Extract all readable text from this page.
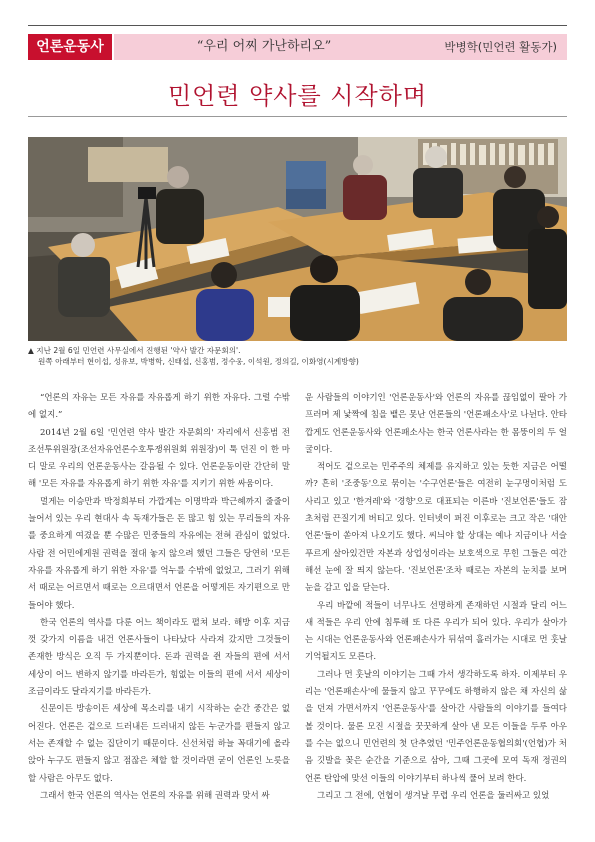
언론운동사	“우리 어찌 가난하리오”	박병학(민언련 활동가)
민언련 약사를 시작하며
▲ 지난 2월 6일 민언련 사무실에서 진행된 '약사 발간 자문회의'.
원쪽 아래부터 현이섭, 성유보, 박병학, 신태섭, 신홍범, 정수웅, 이석원, 정의길, 이화영(시계방향)

“언론의 자유는 모든 자유를 자유롭게 하기 위한 자유다. 그럴 수밖에 없지.”

2014년 2월 6일 '민언련 약사 발간 자문회의' 자리에서 신홍범 전 조선투위원장(조선자유언론수호투쟁위원회 위원장)이 툭 던진 이 한 마디 말로 우리의 언론운동사는 갈음될 수 있다. 언론운동이란 간단히 말해 '모든 자유를 자유롭게 하기 위한 자유'를 지키기 위한 싸움이다.

멀게는 이승만과 박정희부터 가깝게는 이명박과 박근혜까지 줄줄이 늘어서 있는 우리 현대사 속 독재가들은 돈 많고 힘 있는 무리들의 자유를 중요하게 여겼을 뿐 수많은 민중들의 자유에는 전혀 관심이 없었다. 사람 전 어민에게원 권력을 절대 놓지 않으려 했던 그들은 당연히 '모든 자유를 자유롭게 하기 위한 자유'를 억누를 수밖에 없었고, 그러기 위해서 때로는 어르면서 때로는 으르대면서 언론을 어떻게든 자기편으로 만들어야 했다.

한국 언론의 역사를 다룬 어느 책이라도 펼쳐 보라. 해방 이후 지금껏 갖가지 이름을 내건 언론사들이 나타났다 사라져 갔지만 그것들이 존재한 방식은 오직 두 가지뿐이다. 돈과 권력을 쥔 자들의 편에 서서 세상이 어느 변하지 않기를 바라든가, 힘없는 이들의 편에 서서 세상이 조금이라도 달라지기를 바라든가.

신문이든 방송이든 세상에 목소리를 내기 시작하는 순간 중간은 없어진다. 언론은 겉으로 드러내든 드러내지 않든 누군가를 편들지 않고서는 존재할 수 없는 집단이기 때문이다. 신선처럼 하늘 꼭대기에 올라앉아 누구도 편들지 않고 점잖은 체할 할 것이라면 굳이 언론인 노릇을 할 사람은 아무도 없다.

그래서 한국 언론의 역사는 언론의 자유를 위해 권력과 맞서 싸

운 사람들의 이야기인 '언론운동사'와 언론의 자유를 끊임없이 팔아 가프러며 제 낯짝에 침을 뱉은 못난 언론들의 '언론패소사'로 나뉜다. 안타깝게도 언론운동사와 언론패소사는 한국 언론사라는 한 몸뚱이의 두 얼굴이다.

적어도 겉으로는 민주주의 체제를 유지하고 있는 듯한 지금은 어떨까? 흔히 '조중동'으로 묶이는 '수구언론'들은 여전히 눈구멍이처럼 도사리고 있고 '한겨레'와 '경향'으로 대표되는 이른바 '진보언론'들도 잠초처럼 끈질기게 버티고 있다. 인터넷이 퍼진 이후로는 크고 작은 '대안언론'들이 쏟아져 나오기도 했다. 씨늬야 할 상대는 예나 지금이나 서슬 푸르게 살아있건만 자본과 상업성이라는 보호색으로 무힌 그들은 여간해선 눈에 잘 띄지 않는다. '진보언론'조차 때로는 자본의 눈치를 보며 눈을 감고 입을 닫는다.

우리 바깥에 적들이 너무나도 선명하게 존재하던 시절과 달리 어느새 적들은 우리 안에 침투해 또 다른 우리가 되어 있다. 우리가 살아가는 시대는 언론운동사와 언론패손사가 뒤섞여 흘러가는 시대로 먼 훗날 기억될지도 모른다.

그러나 먼 훗날의 이야기는 그때 가서 생각하도록 하자. 이제부터 우리는 '언론패손사'에 물들지 않고 꾸꾸에도 하행하지 않은 채 자신의 삶을 던져 가면서까지 '언론운동사'를 살아간 사람들의 이야기를 들여다 볼 것이다. 물론 모진 시절을 꿋꿋하게 살아 낸 모든 이들을 두루 아우를 수는 없으니 민언련의 첫 단추였던 '민주언론운동협의회'(언협)가 처음 깃발을 꽂은 순간을 기준으로 삼아, 그때 그곳에 모여 독재 정권의 언론 탄압에 맞선 이들의 이야기부터 하나씩 풀어 보려 한다.

그리고 그 전에, 언협이 생겨날 무렵 우리 언론을 둘러싸고 있었
